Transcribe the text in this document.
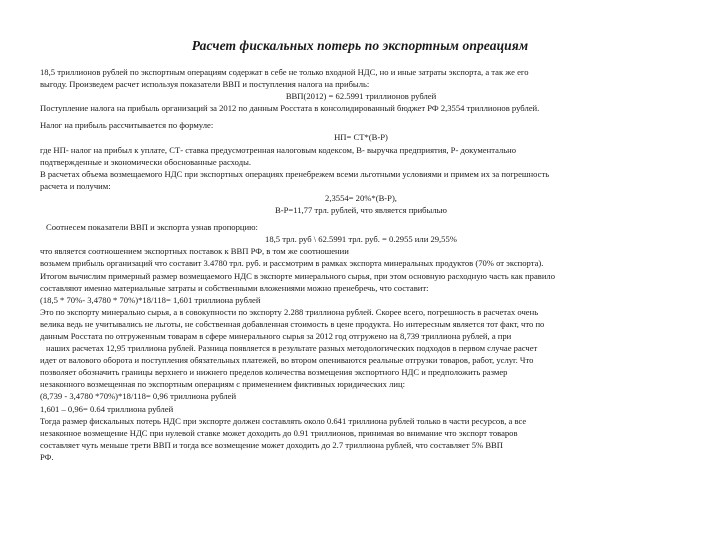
Расчет фискальных потерь по экспортным опреациям
18,5 триллионов рублей по экспортным операциям содержат в себе не только входной НДС, но и иные затраты экспорта, а так же его
выгоду. Произведем расчет используя показатели ВВП и поступления налога на прибыль:
ВВП(2012) = 62.5991 триллионов рублей
Поступление налога на прибыль организаций за 2012 по данным Росстата в консолидированный бюджет РФ 2,3554 триллионов рублей.
Налог на прибыль рассчитывается по формуле:
НП= СТ*(В-Р)
где НП- налог на прибыл к уплате, СТ- ставка предусмотренная налоговым кодексом, В- выручка предприятия, Р- документально
подтвержденные и экономически обоснованные расходы.
В расчетах объема возмещаемого НДС при экспортных операциях пренебрежем всеми льготными условиями и примем их за погрешность
расчета и получим:
2,3554= 20%*(В-Р),
В-Р=11,77 трл. рублей, что является прибылью
Соотнесем показатели ВВП и экспорта узнав пропорцию:
18,5 трл. руб \ 62.5991 трл. руб. = 0.2955 или 29,55%
что является соотношением экспортных поставок к ВВП РФ, в том же соотношении
возьмем прибыль организаций что составит 3.4780 трл. руб. и рассмотрим в рамках экспорта минеральных продуктов (70% от экспорта).
Итогом вычислим примерный размер возмещаемого НДС в экспорте минерального сырья, при этом основную расходную часть как правило
составляют именно материальные затраты и собственными вложениями можно пренебречь, что составит:
(18,5 * 70%- 3,4780 * 70%)*18/118= 1,601 триллиона рублей
Это по экспорту минерально сырья, а в совокупности по экспорту 2.288 триллиона рублей. Скорее всего, погрешность в расчетах очень
велика ведь не учитывались не льготы, не собственная добавленная стоимость в цене продукта. Но интересным является тот факт, что по
данным Росстата по отгруженным товарам в сфере минерального сырья за 2012 год отгружено на 8,739 триллиона рублей, а при
наших расчетах 12,95 триллиона рублей. Разница появляется в результате разных методологических подходов в первом случае расчет
идет от валового оборота и поступления обязательных платежей, во втором опениваются реальные отгрузки товаров, работ, услуг. Что
позволяет обозначить границы верхнего и нижнего пределов количества возмещения экспортного НДС и предположить размер
незаконного возмещенная по экспортным операциям с применением фиктивных юридических лиц:
(8,739 - 3,4780 *70%)*18/118= 0,96 триллиона рублей
1,601 – 0,96= 0.64 триллиона рублей
Тогда размер фискальных потерь НДС при экспорте должен составлять около 0.641 триллиона рублей только в части ресурсов, а все
незаконное возмещение НДС при нулевой ставке может доходить до 0.91 триллионов, принимая во внимание что экспорт товаров
составляет чуть меньше трети ВВП и тогда все возмещение может доходить до 2.7 триллиона рублей, что составляет 5% ВВП
РФ.
